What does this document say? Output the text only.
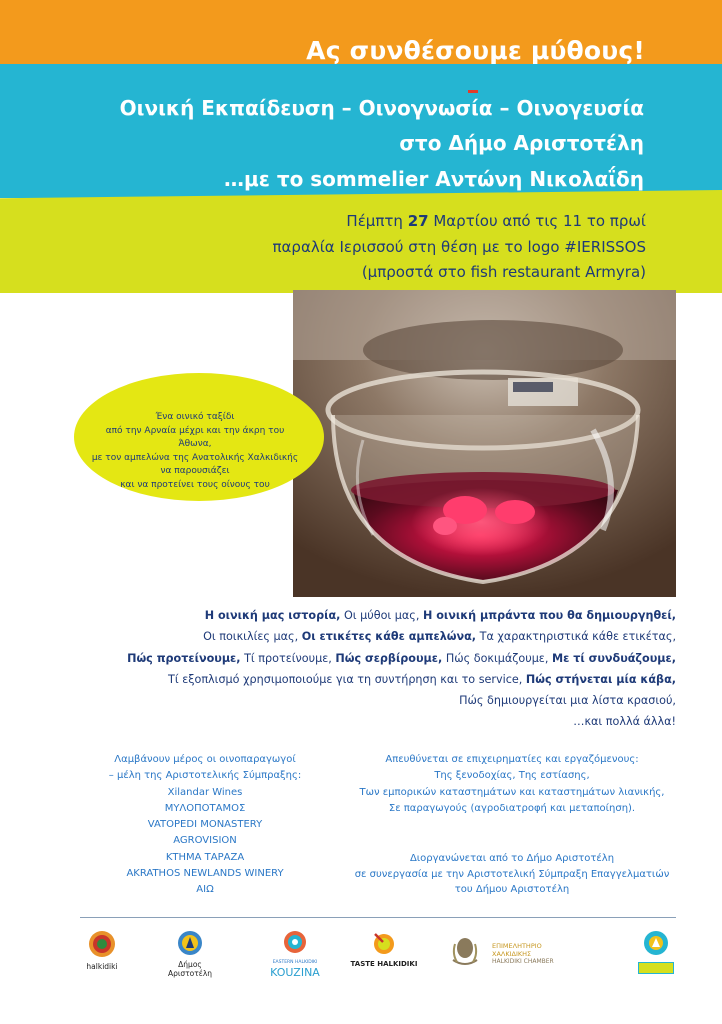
Ας συνθέσουμε μύθους!
Οινική Εκπαίδευση – Οινογνωσία – Οινογευσία
στο Δήμο Αριστοτέλη
…με το sommelier Αντώνη Νικολαΐδη
Πέμπτη 27 Μαρτίου από τις 11 το πρωί
παραλία Ιερισσού στη θέση με το logo #IERISSOS
(μπροστά στο fish restaurant Armyra)
Ένα οινικό ταξίδι
από την Αρναία μέχρι και την άκρη του Άθωνα,
με τον αμπελώνα της Ανατολικής Χαλκιδικής
να παρουσιάζει
και να προτείνει τους οίνους του
Η οινική μας ιστορία, Οι μύθοι μας, Η οινική μπράντα που θα δημιουργηθεί,
Οι ποικιλίες μας, Οι ετικέτες κάθε αμπελώνα, Τα χαρακτηριστικά κάθε ετικέτας,
Πώς προτείνουμε, Τί προτείνουμε, Πώς σερβίρουμε, Πώς δοκιμάζουμε, Με τί συνδυάζουμε,
Τί εξοπλισμό χρησιμοποιούμε για τη συντήρηση και το service, Πώς στήνεται μία κάβα,
Πώς δημιουργείται μια λίστα κρασιού,
…και πολλά άλλα!
Λαμβάνουν μέρος οι οινοπαραγωγοί
– μέλη της Αριστοτελικής Σύμπραξης:
Xilandar Wines
ΜΥΛΟΠΟΤΑΜΟΣ
VATOPEDI MONASTERY
AGROVISION
ΚΤΗΜΑ ΤΑΡΑΖΑ
AKRATHOS NEWLANDS WINERY
ΑΙΩ
Απευθύνεται σε επιχειρηματίες και εργαζόμενους:
Της ξενοδοχίας, Της εστίασης,
Των εμπορικών καταστημάτων και καταστημάτων λιανικής,
Σε παραγωγούς (αγροδιατροφή και μεταποίηση).
Διοργανώνεται από το Δήμο Αριστοτέλη
σε συνεργασία με την Αριστοτελική Σύμπραξη Επαγγελματιών
του Δήμου Αριστοτέλη
halkidiki	Δήμος
Αριστοτέλη
EASTERN HALKIDIKI
KOUZINA
TASTE HALKIDIKI
ΕΠΙΜΕΛΗΤΗΡΙΟ
ΧΑΛΚΙΔΙΚΗΣ
HALKIDIKI CHAMBER
